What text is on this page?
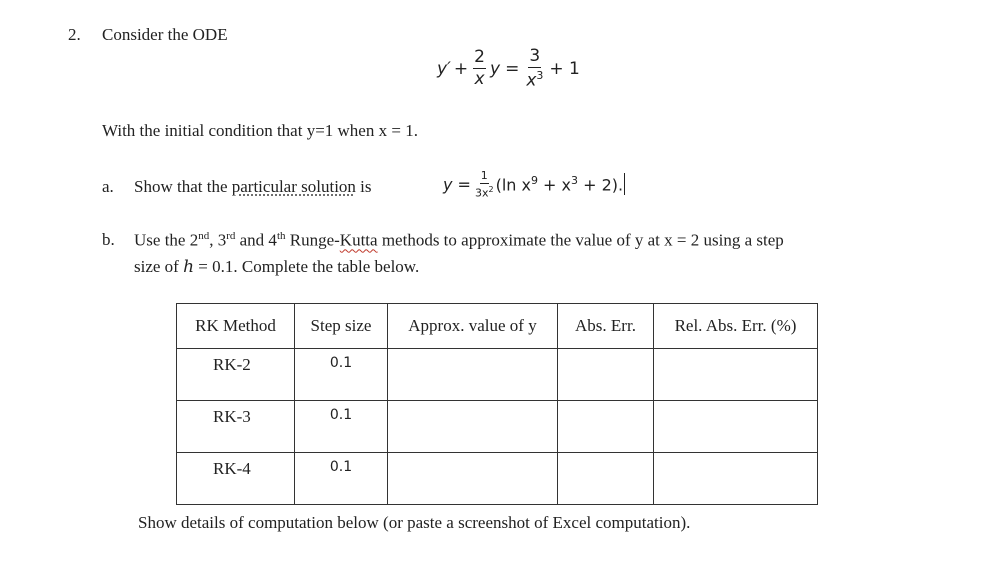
2. Consider the ODE
$y' + \frac{2}{x}$ $y = \frac{3}{x^3} + 1$
With the initial condition that y=1 when x = 1.
a. Show that the particular solution is	$y = \frac{1}{3x^2} (\ln$ $x^9 + x^3 + 2$).
b. Use the 2nd, 3rd and 4th Runge-Kutta methods to approximate the value of y at x = 2 using a step
size of h = 0.1. Complete the table below.
RK Method	Step size	Approx. value of y	Abs. Err.	Rel. Abs. Err. (%)
RK-2	0.1			
RK-3	0.1			
RK-4	0.1			
Show details of computation below (or paste a screenshot of Excel computation).
